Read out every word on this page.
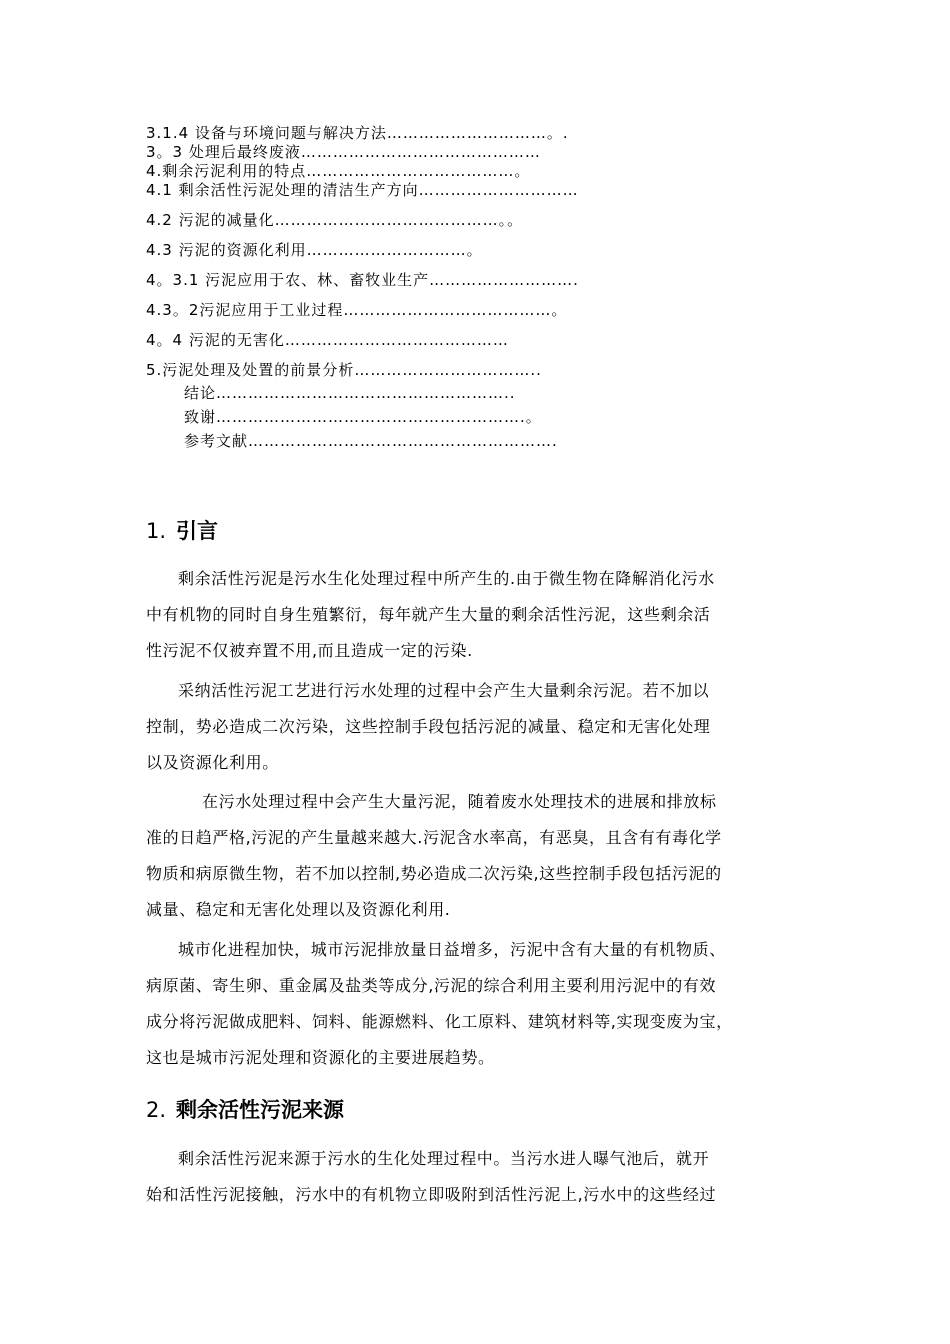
3.1.4 设备与环境问题与解决方法…………………………。.
3。3 处理后最终废液………………………………………
4.剩余污泥利用的特点…………………………………。
4.1 剩余活性污泥处理的清洁生产方向…………………………
4.2 污泥的减量化……………………………………。。
4.3 污泥的资源化利用…………………………。
4。3.1 污泥应用于农、林、畜牧业生产……………………….
4.3。2污泥应用于工业过程…………………………………。
4。4 污泥的无害化……………………………………
5.污泥处理及处置的前景分析……………………………..
结论………………………………………………..
致谢………………………………………………….。
参考文献………………………………………………….
1. 引言
剩余活性污泥是污水生化处理过程中所产生的.由于微生物在降解消化污水
中有机物的同时自身生殖繁衍，每年就产生大量的剩余活性污泥，这些剩余活
性污泥不仅被弃置不用,而且造成一定的污染.
采纳活性污泥工艺进行污水处理的过程中会产生大量剩余污泥。若不加以
控制，势必造成二次污染，这些控制手段包括污泥的减量、稳定和无害化处理
以及资源化利用。
在污水处理过程中会产生大量污泥，随着废水处理技术的进展和排放标
准的日趋严格,污泥的产生量越来越大.污泥含水率高，有恶臭，且含有有毒化学
物质和病原微生物，若不加以控制,势必造成二次污染,这些控制手段包括污泥的
减量、稳定和无害化处理以及资源化利用.
城市化进程加快，城市污泥排放量日益增多，污泥中含有大量的有机物质、
病原菌、寄生卵、重金属及盐类等成分,污泥的综合利用主要利用污泥中的有效
成分将污泥做成肥料、饲料、能源燃料、化工原料、建筑材料等,实现变废为宝，
这也是城市污泥处理和资源化的主要进展趋势。
2. 剩余活性污泥来源
剩余活性污泥来源于污水的生化处理过程中。当污水进人曝气池后，就开
始和活性污泥接触，污水中的有机物立即吸附到活性污泥上,污水中的这些经过
